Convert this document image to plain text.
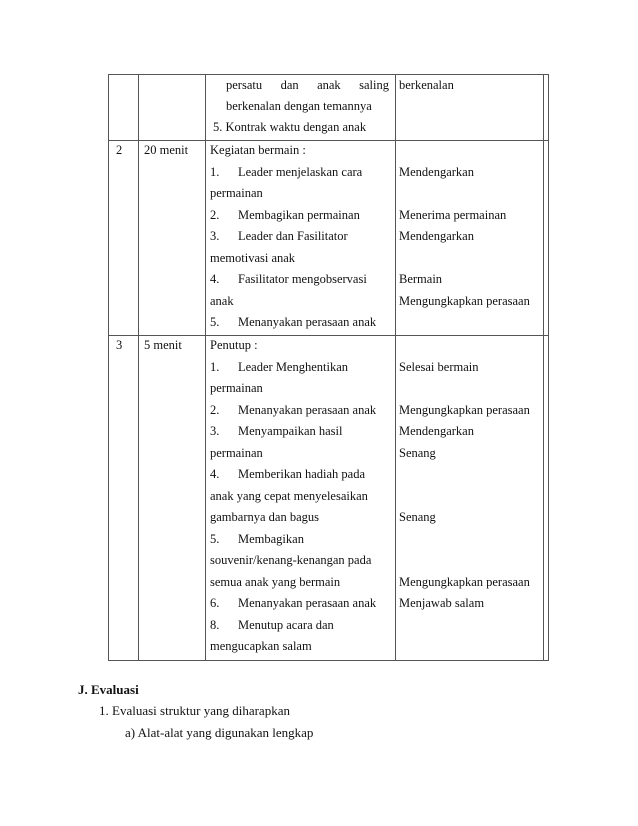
persatu dan anak saling
berkenalan dengan temannya
5. Kontrak waktu dengan anak
berkenalan
2 20 menit Kegiatan bermain :
1. Leader menjelaskan cara
permainan
2. Membagikan permainan
3. Leader dan Fasilitator
memotivasi anak
4. Fasilitator mengobservasi
anak
5. Menanyakan perasaan anak
Mendengarkan
Menerima permainan
Mendengarkan
Bermain
Mengungkapkan perasaan
3 5 menit Penutup :
1. Leader Menghentikan
permainan
2. Menanyakan perasaan anak
3. Menyampaikan hasil
permainan
4. Memberikan hadiah pada
anak yang cepat menyelesaikan
gambarnya dan bagus
5. Membagikan
souvenir/kenang-kenangan pada
semua anak yang bermain
6. Menanyakan perasaan anak
8. Menutup acara dan
mengucapkan salam
Selesai bermain
Mengungkapkan perasaan
Mendengarkan
Senang
Senang
Mengungkapkan perasaan
Menjawab salam
J. Evaluasi
1. Evaluasi struktur yang diharapkan
a) Alat-alat yang digunakan lengkap
